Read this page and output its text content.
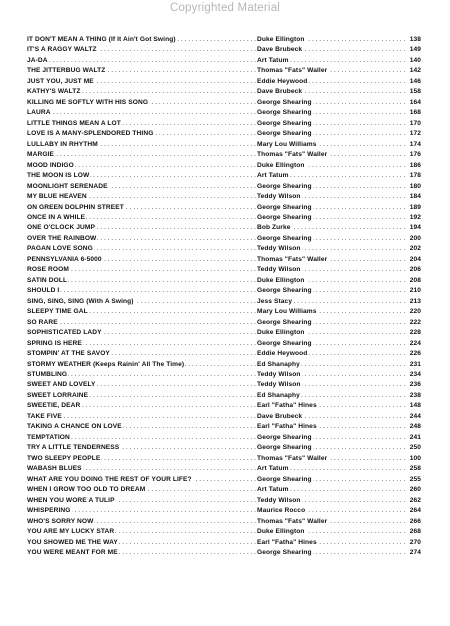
Copyrighted Material
IT DON'T MEAN A THING (If It Ain't Got Swing) . . .	Duke Ellington . . .	138
IT'S A RAGGY WALTZ . . .	Dave Brubeck . . .	149
JA-DA . . .	Art Tatum . . .	140
THE JITTERBUG WALTZ . . .	Thomas "Fats" Waller . . .	142
JUST YOU, JUST ME . . .	Eddie Heywood . . .	146
KATHY'S WALTZ . . .	Dave Brubeck . . .	158
KILLING ME SOFTLY WITH HIS SONG . . .	George Shearing . . .	164
LAURA . . .	George Shearing . . .	168
LITTLE THINGS MEAN A LOT . . .	George Shearing . . .	170
LOVE IS A MANY-SPLENDORED THING . . .	George Shearing . . .	172
LULLABY IN RHYTHM . . .	Mary Lou Williams . . .	174
MARGIE . . .	Thomas "Fats" Waller . . .	176
MOOD INDIGO . . .	Duke Ellington . . .	186
THE MOON IS LOW . . .	Art Tatum . . .	178
MOONLIGHT SERENADE . . .	George Shearing . . .	180
MY BLUE HEAVEN . . .	Teddy Wilson . . .	184
ON GREEN DOLPHIN STREET . . .	George Shearing . . .	189
ONCE IN A WHILE . . .	George Shearing . . .	192
ONE O'CLOCK JUMP . . .	Bob Zurke . . .	194
OVER THE RAINBOW . . .	George Shearing . . .	200
PAGAN LOVE SONG . . .	Teddy Wilson . . .	202
PENNSYLVANIA 6-5000 . . .	Thomas "Fats" Waller . . .	204
ROSE ROOM . . .	Teddy Wilson . . .	206
SATIN DOLL . . .	Duke Ellington . . .	208
SHOULD I . . .	George Shearing . . .	210
SING, SING, SING (With A Swing) . . .	Jess Stacy . . .	213
SLEEPY TIME GAL . . .	Mary Lou Williams . . .	220
SO RARE . . .	George Shearing . . .	222
SOPHISTICATED LADY . . .	Duke Ellington . . .	228
SPRING IS HERE . . .	George Shearing . . .	224
STOMPIN' AT THE SAVOY . . .	Eddie Heywood . . .	226
STORMY WEATHER (Keeps Rainin' All The Time) . . .	Ed Shanaphy . . .	231
STUMBLING . . .	Teddy Wilson . . .	234
SWEET AND LOVELY . . .	Teddy Wilson . . .	236
SWEET LORRAINE . . .	Ed Shanaphy . . .	238
SWEETIE, DEAR . . .	Earl "Fatha" Hines . . .	148
TAKE FIVE . . .	Dave Brubeck . . .	244
TAKING A CHANCE ON LOVE . . .	Earl "Fatha" Hines . . .	248
TEMPTATION . . .	George Shearing . . .	241
TRY A LITTLE TENDERNESS . . .	George Shearing . . .	250
TWO SLEEPY PEOPLE . . .	Thomas "Fats" Waller . . .	100
WABASH BLUES . . .	Art Tatum . . .	258
WHAT ARE YOU DOING THE REST OF YOUR LIFE? . . .	George Shearing . . .	255
WHEN I GROW TOO OLD TO DREAM . . .	Art Tatum . . .	260
WHEN YOU WORE A TULIP . . .	Teddy Wilson . . .	262
WHISPERING . . .	Maurice Rocco . . .	264
WHO'S SORRY NOW . . .	Thomas "Fats" Waller . . .	266
YOU ARE MY LUCKY STAR . . .	Duke Ellington . . .	268
YOU SHOWED ME THE WAY . . .	Earl "Fatha" Hines . . .	270
YOU WERE MEANT FOR ME . . .	George Shearing . . .	274
